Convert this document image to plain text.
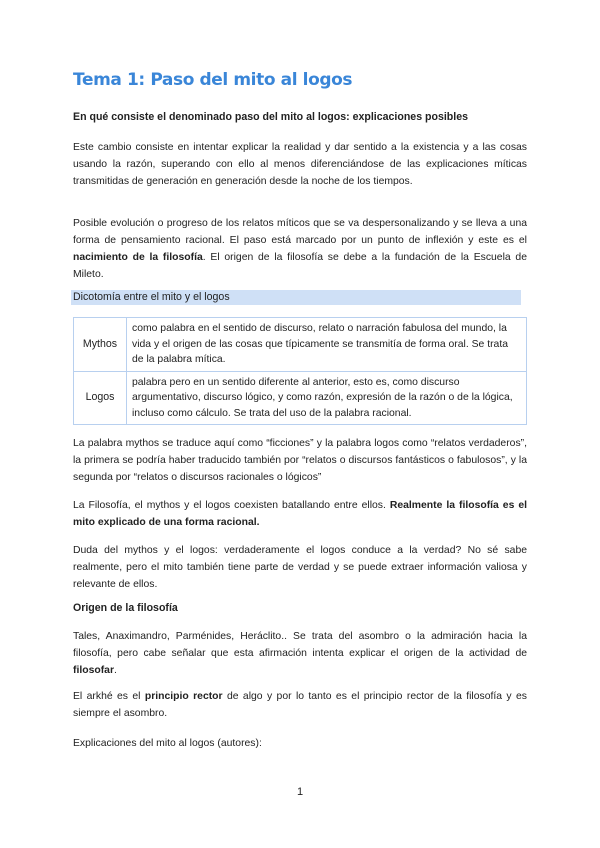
Tema 1: Paso del mito al logos

En qué consiste el denominado paso del mito al logos: explicaciones posibles

Este cambio consiste en intentar explicar la realidad y dar sentido a la existencia y a las cosas usando la razón, superando con ello al menos diferenciándose de las explicaciones míticas transmitidas de generación en generación desde la noche de los tiempos.

Posible evolución o progreso de los relatos míticos que se va despersonalizando y se lleva a una forma de pensamiento racional. El paso está marcado por un punto de inflexión y este es el nacimiento de la filosofía. El origen de la filosofía se debe a la fundación de la Escuela de Mileto.

Dicotomía entre el mito y el logos
Mythos	como palabra en el sentido de discurso, relato o narración fabulosa del mundo, la vida y el origen de las cosas que típicamente se transmitía de forma oral. Se trata de la palabra mítica.
Logos	palabra pero en un sentido diferente al anterior, esto es, como discurso argumentativo, discurso lógico, y como razón, expresión de la razón o de la lógica, incluso como cálculo. Se trata del uso de la palabra racional.

La palabra mythos se traduce aquí como “ficciones” y la palabra logos como “relatos verdaderos”, la primera se podría haber traducido también por “relatos o discursos fantásticos o fabulosos”, y la segunda por “relatos o discursos racionales o lógicos”

La Filosofía, el mythos y el logos coexisten batallando entre ellos. Realmente la filosofía es el mito explicado de una forma racional.

Duda del mythos y el logos: verdaderamente el logos conduce a la verdad? No sé sabe realmente, pero el mito también tiene parte de verdad y se puede extraer información valiosa y relevante de ellos.

Origen de la filosofía

Tales, Anaximandro, Parménides, Heráclito.. Se trata del asombro o la admiración hacia la filosofía, pero cabe señalar que esta afirmación intenta explicar el origen de la actividad de filosofar.

El arkhé es el principio rector de algo y por lo tanto es el principio rector de la filosofía y es siempre el asombro.

Explicaciones del mito al logos (autores):

1
